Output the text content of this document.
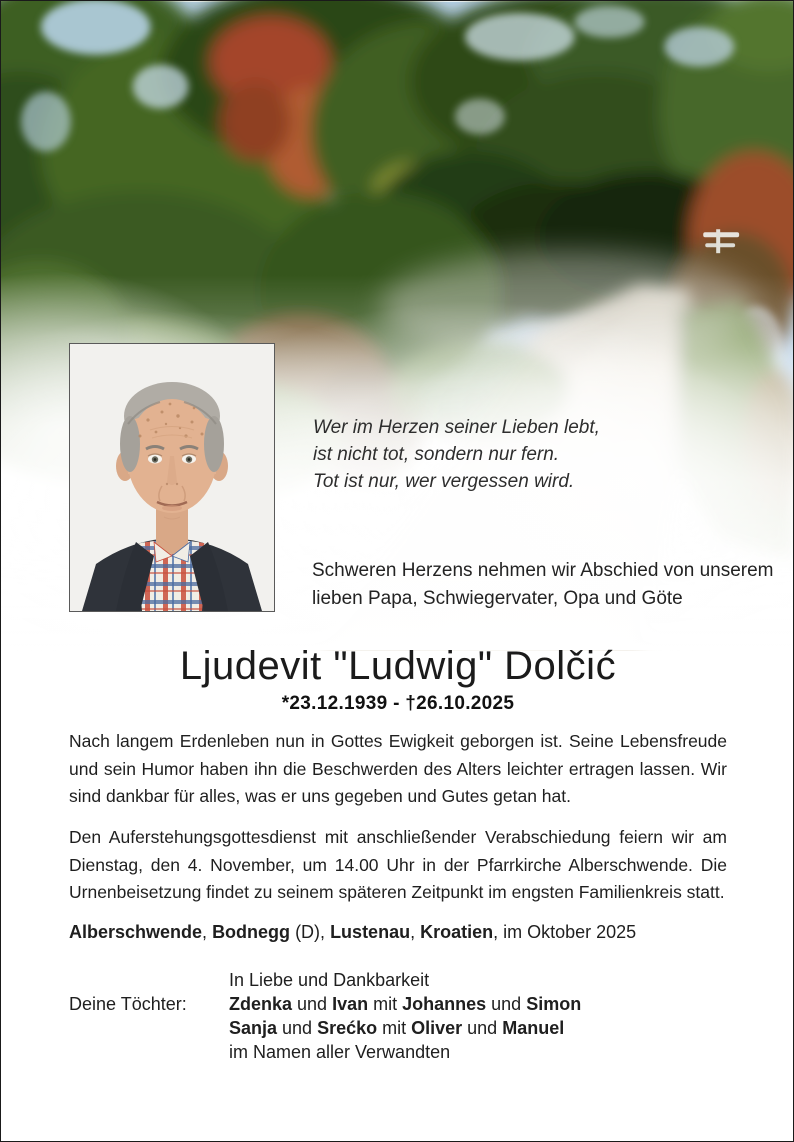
Wer im Herzen seiner Lieben lebt,
ist nicht tot, sondern nur fern.
Tot ist nur, wer vergessen wird.
Schweren Herzens nehmen wir Abschied von unserem
lieben Papa, Schwiegervater, Opa und Göte
Ljudevit "Ludwig" Dolčić
*23.12.1939 - †26.10.2025

Nach langem Erdenleben nun in Gottes Ewigkeit geborgen ist. Seine Lebensfreude und sein Humor haben ihn die Beschwerden des Alters leichter ertragen lassen. Wir sind dankbar für alles, was er uns gegeben und Gutes getan hat.

Den Auferstehungsgottesdienst mit anschließender Verabschiedung feiern wir am Dienstag, den 4. November, um 14.00 Uhr in der Pfarrkirche Alberschwende. Die Urnenbeisetzung findet zu seinem späteren Zeitpunkt im engsten Familienkreis statt.

Alberschwende, Bodnegg (D), Lustenau, Kroatien, im Oktober 2025
In Liebe und Dankbarkeit
Deine Töchter:	Zdenka und Ivan mit Johannes und Simon
Sanja und Srećko mit Oliver und Manuel
im Namen aller Verwandten
